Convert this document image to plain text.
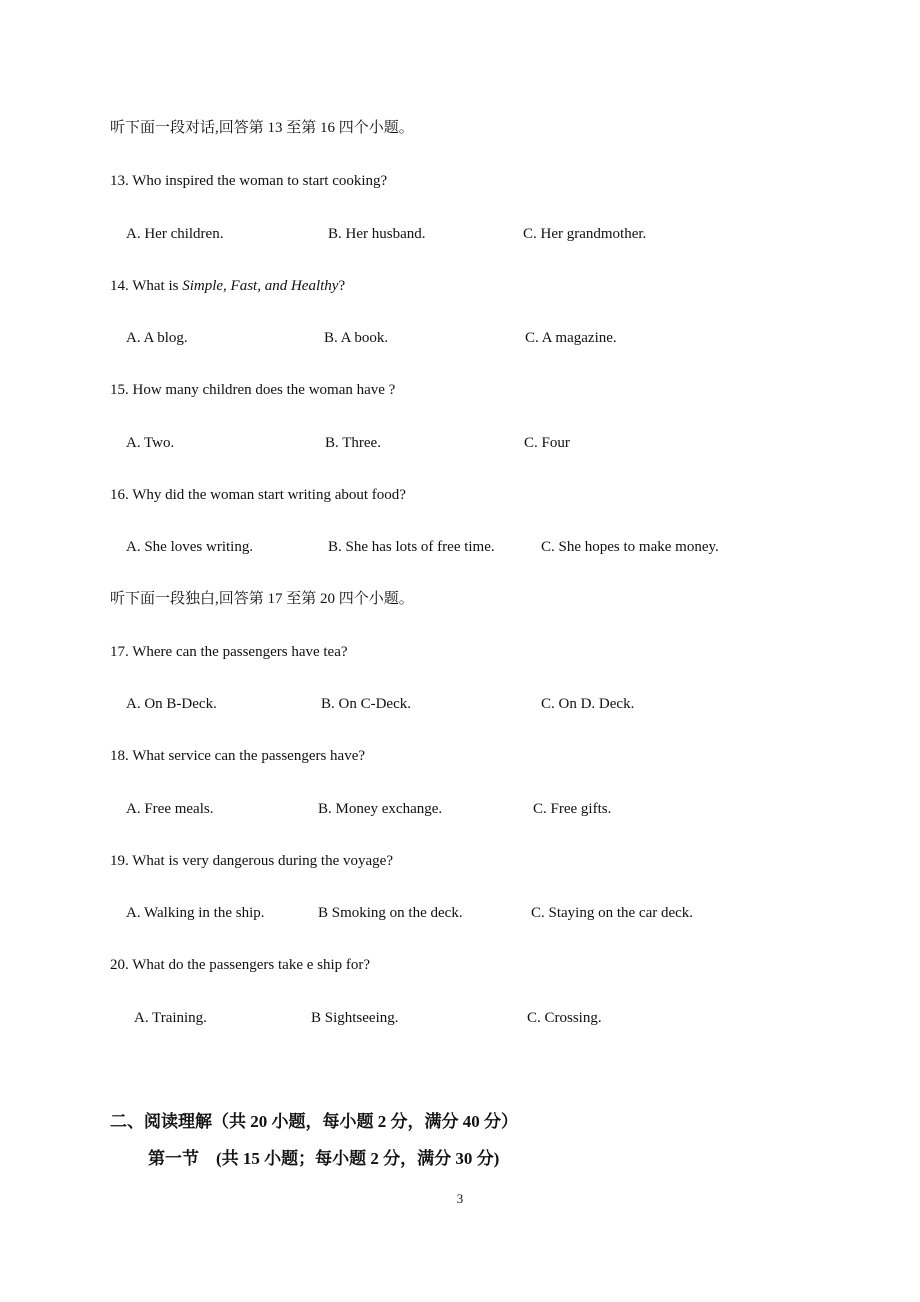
听下面一段对话,回答第 13 至第 16 四个小题。
13. Who inspired the woman to start cooking?
A. Her children.	B. Her husband.	C. Her grandmother.
14. What is Simple, Fast, and Healthy?
A. A blog.	B. A book.	C. A magazine.
15. How many children does the woman have ?
A. Two.	B. Three.	C. Four
16. Why did the woman start writing about food?
A. She loves writing.	B. She has lots of free time.	C. She hopes to make money.
听下面一段独白,回答第 17 至第 20 四个小题。
17. Where can the passengers have tea?
A. On B-Deck.	B. On C-Deck.	C. On D. Deck.
18. What service can the passengers have?
A. Free meals.	B. Money exchange.	C. Free gifts.
19. What is very dangerous during the voyage?
A. Walking in the ship.	B Smoking on the deck.	C. Staying on the car deck.
20. What do the passengers take e ship for?
A. Training.	B Sightseeing.	C. Crossing.
二、阅读理解（共 20 小题，每小题 2 分，满分 40 分）
第一节　(共 15 小题；每小题 2 分，满分 30 分)
3
